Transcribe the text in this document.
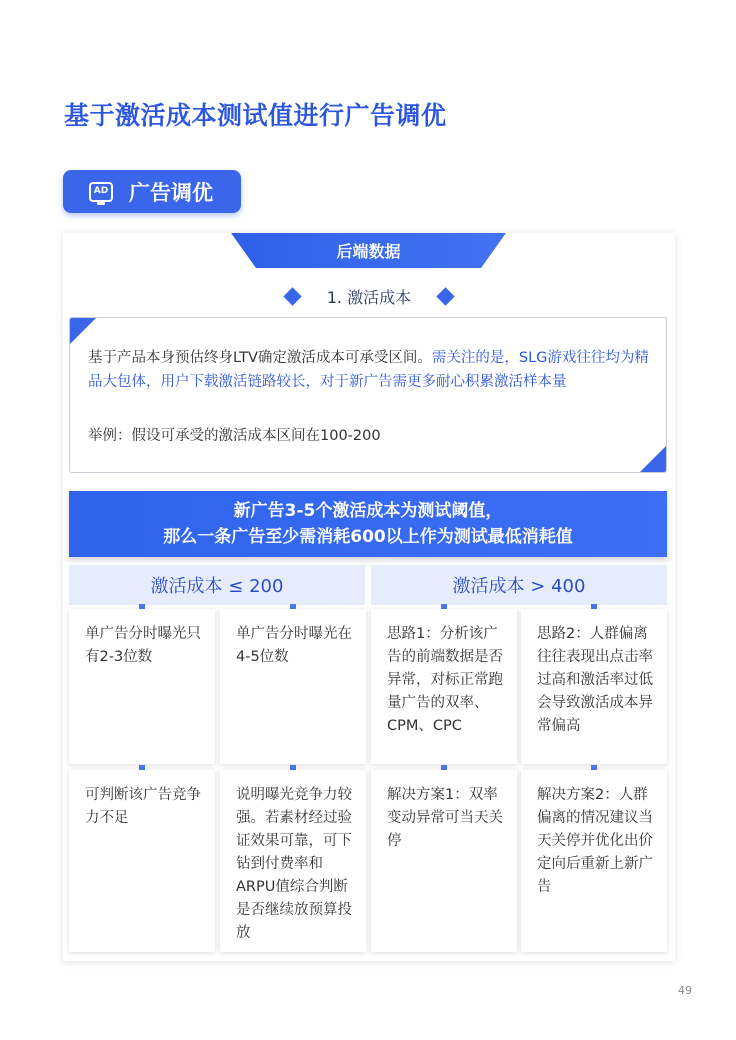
基于激活成本测试值进行广告调优
AD 广告调优
后端数据
1. 激活成本
基于产品本身预估终身LTV确定激活成本可承受区间。需关注的是，SLG游戏往往均为精品大包体，用户下载激活链路较长，对于新广告需更多耐心积累激活样本量
举例：假设可承受的激活成本区间在100-200
新广告3-5个激活成本为测试阈值，
那么一条广告至少需消耗600以上作为测试最低消耗值
激活成本 ≤ 200	激活成本 > 400
单广告分时曝光只有2-3位数
单广告分时曝光在4-5位数
思路1：分析该广告的前端数据是否异常，对标正常跑量广告的双率、CPM、CPC
思路2：人群偏离往往表现出点击率过高和激活率过低会导致激活成本异常偏高
可判断该广告竞争力不足
说明曝光竞争力较强。若素材经过验证效果可靠，可下钻到付费率和ARPU值综合判断是否继续放预算投放
解决方案1：双率变动异常可当天关停
解决方案2：人群偏离的情况建议当天关停并优化出价定向后重新上新广告
49
